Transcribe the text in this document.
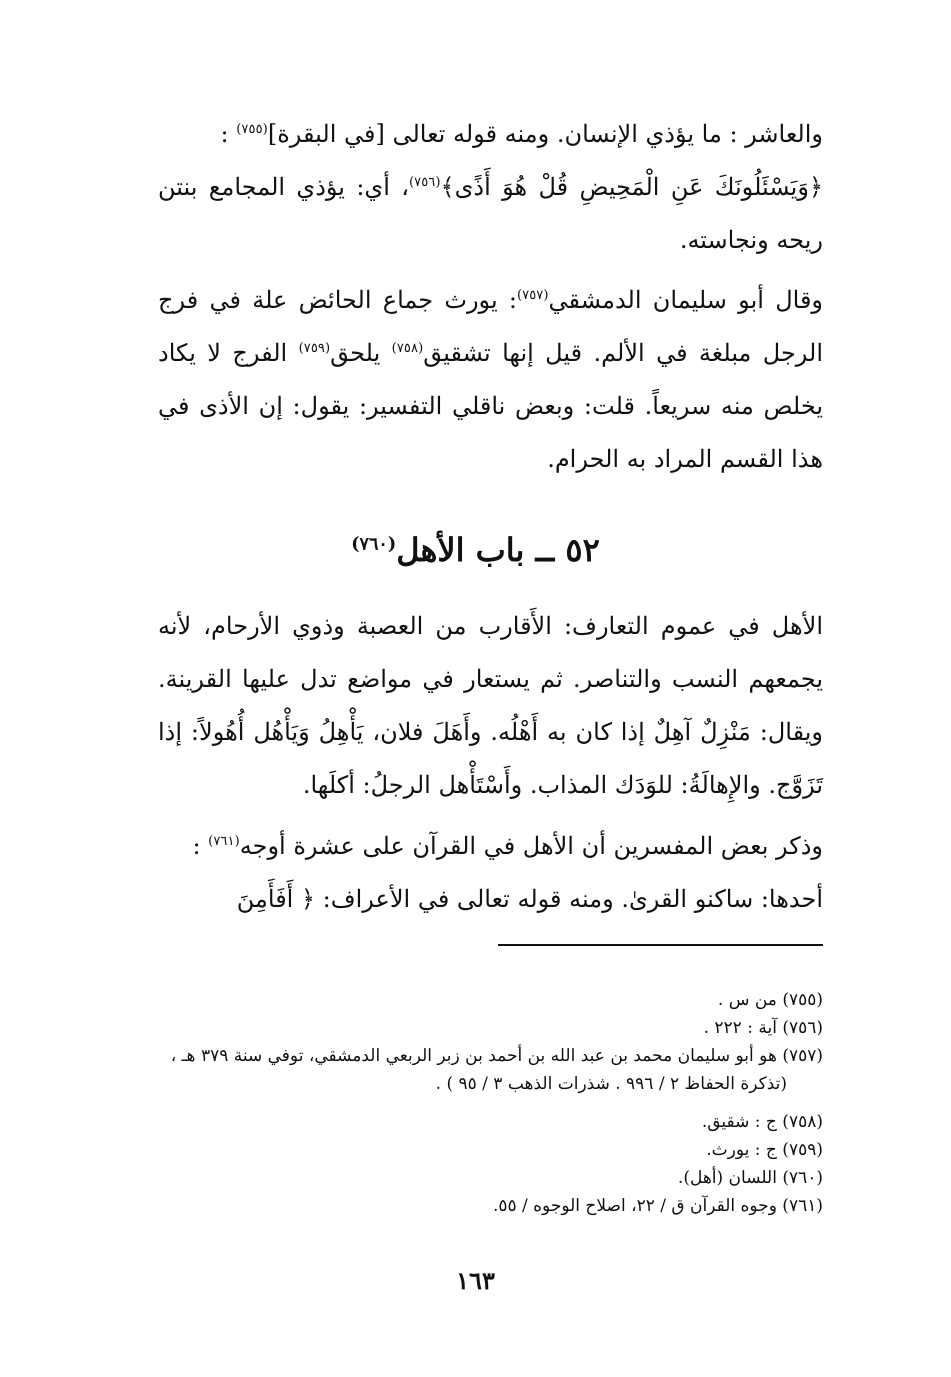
والعاشر : ما يؤذي الإنسان. ومنه قوله تعالى [في البقرة]$^{(٧٥٥)}$ :

﴿وَيَسْئَلُونَكَ عَنِ الْمَحِيضِ قُلْ هُوَ أَذًى﴾$^{(٧٥٦)}$، أي: يؤذي المجامع بنتن ريحه ونجاسته.

وقال أبو سليمان الدمشقي$^{(٧٥٧)}$: يورث جماع الحائض علة في فرج الرجل مبلغة في الألم. قيل إنها تشقيق$^{(٧٥٨)}$ يلحق$^{(٧٥٩)}$ الفرج لا يكاد يخلص منه سريعاً. قلت: وبعض ناقلي التفسير: يقول: إن الأذى في هذا القسم المراد به الحرام.

٥٢ ــ باب الأهل$^{(٧٦٠)}$

الأهل في عموم التعارف: الأَقارب من العصبة وذوي الأرحام، لأنه يجمعهم النسب والتناصر. ثم يستعار في مواضع تدل عليها القرينة. ويقال: مَنْزِلٌ آهِلٌ إذا كان به أَهْلُه. وأَهَلَ فلان، يَأْهِلُ وَيَأْهُل أُهُولاً: إذا تَزَوَّج. والإِهالَةُ: للوَدَك المذاب. وأَسْتَأْهل الرجلُ: أكلَها.

وذكر بعض المفسرين أن الأهل في القرآن على عشرة أوجه$^{(٧٦١)}$ :

أحدها: ساكنو القرىٰ. ومنه قوله تعالى في الأعراف: ﴿ أَفَأَمِنَ

(٧٥٥) من س .

(٧٥٦) آية : ٢٢٢ .

(٧٥٧) هو أبو سليمان محمد بن عبد الله بن أحمد بن زبر الربعي الدمشقي، توفي سنة ٣٧٩ هـ ،

(تذكرة الحفاظ ٢ / ٩٩٦ . شذرات الذهب ٣ / ٩٥ ) .

(٧٥٨) ج : شقيق.

(٧٥٩) ج : يورث.

(٧٦٠) اللسان (أهل).

(٧٦١) وجوه القرآن ق / ٢٢، اصلاح الوجوه / ٥٥.

١٦٣
